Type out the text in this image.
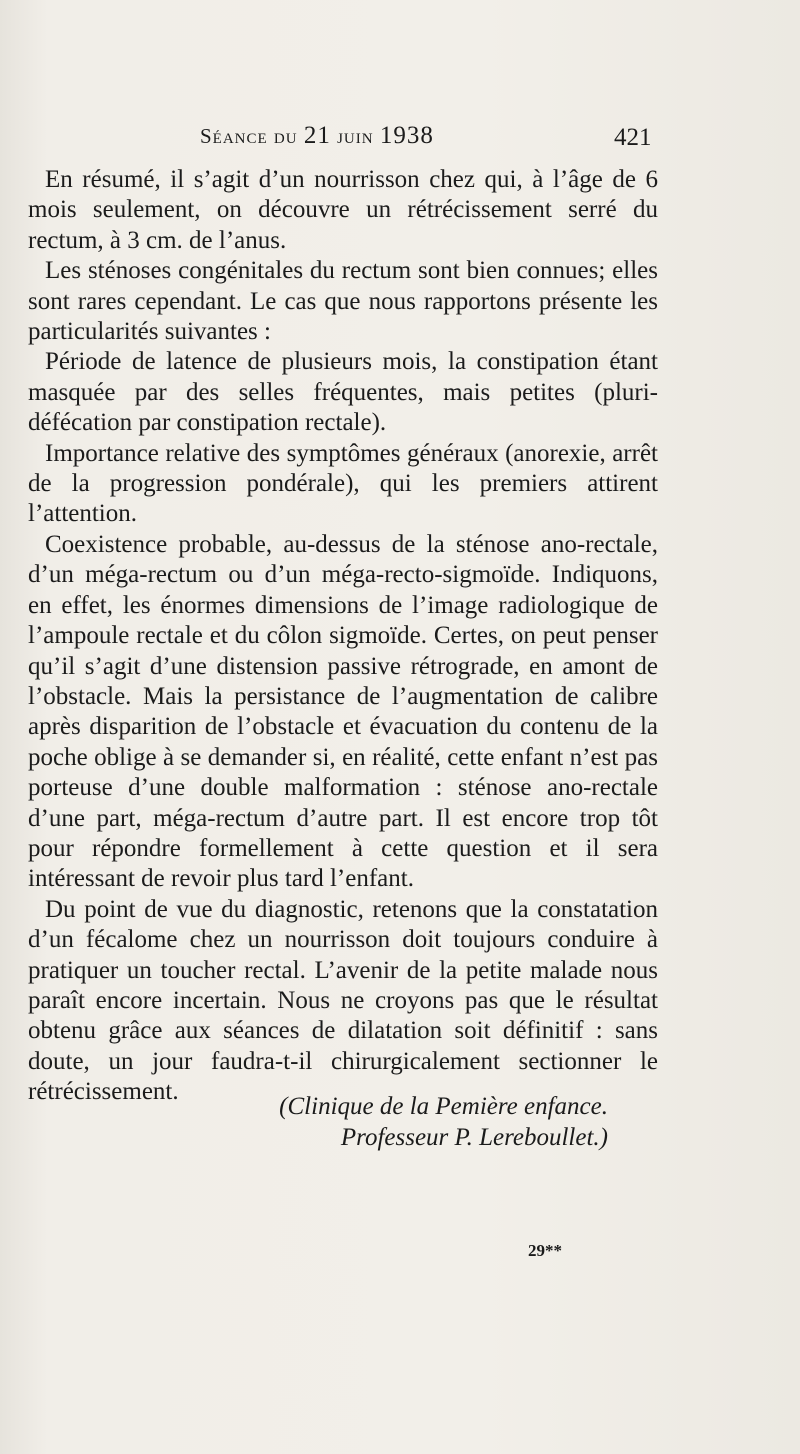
Séance du 21 juin 1938	421

En résumé, il s’agit d’un nourrisson chez qui, à l’âge de 6 mois seulement, on découvre un rétrécissement serré du rectum, à 3 cm. de l’anus.

Les sténoses congénitales du rectum sont bien connues; elles sont rares cependant. Le cas que nous rapportons présente les particularités suivantes :

Période de latence de plusieurs mois, la constipation étant masquée par des selles fréquentes, mais petites (pluri-défécation par constipation rectale).

Importance relative des symptômes généraux (anorexie, arrêt de la progression pondérale), qui les premiers attirent l’attention.

Coexistence probable, au-dessus de la sténose ano-rectale, d’un méga-rectum ou d’un méga-recto-sigmoïde. Indiquons, en effet, les énormes dimensions de l’image radiologique de l’ampoule rectale et du côlon sigmoïde. Certes, on peut penser qu’il s’agit d’une distension passive rétrograde, en amont de l’obstacle. Mais la persistance de l’augmentation de calibre après disparition de l’obstacle et évacuation du contenu de la poche oblige à se demander si, en réalité, cette enfant n’est pas porteuse d’une double malformation : sténose ano-rectale d’une part, méga-rectum d’autre part. Il est encore trop tôt pour répondre formellement à cette question et il sera intéressant de revoir plus tard l’enfant.

Du point de vue du diagnostic, retenons que la constatation d’un fécalome chez un nourrisson doit toujours conduire à pratiquer un toucher rectal. L’avenir de la petite malade nous paraît encore incertain. Nous ne croyons pas que le résultat obtenu grâce aux séances de dilatation soit définitif : sans doute, un jour faudra-t-il chirurgicalement sectionner le rétrécissement.

(Clinique de la Pemière enfance.
Professeur P. Lereboullet.)
29**
